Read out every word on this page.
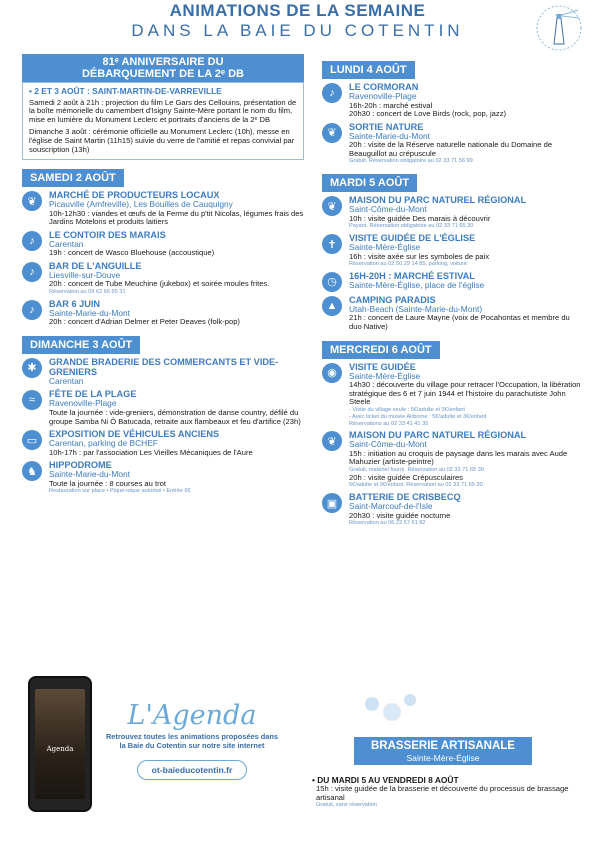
ANIMATIONS DE LA SEMAINE
DANS LA BAIE DU COTENTIN
81ᵉ ANNIVERSAIRE DU
DÉBARQUEMENT DE LA 2ᵉ DB
• 2 ET 3 AOÛT : SAINT-MARTIN-DE-VARREVILLE

Samedi 2 août à 21h : projection du film Le Gars des Cellouins, présentation de la boîte mémorielle du camembert d'Isigny Sainte-Mère portant le nom du film, mise en lumière du Monument Leclerc et portraits d'anciens de la 2ᵉ DB

Dimanche 3 août : cérémonie officielle au Monument Leclerc (10h), messe en l'église de Saint Martin (11h15) suivie du verre de l'amitié et repas convivial par souscription (13h)

SAMEDI 2 AOÛT
❦
MARCHÉ DE PRODUCTEURS LOCAUX
Picauville (Amfreville), Les Bouilles de Cauquigny
10h-12h30 : viandes et œufs de la Ferme du p'tit Nicolas, légumes frais des Jardins Motelons et produits laitiers
♪	LE CONTOIR DES MARAIS
Carentan
19h : concert de Wasco Bluehouse (accoustique)
♪	BAR DE L'ANGUILLE
Liesville-sur-Douve
20h : concert de Tube Meuchine (jukebox) et soirée moules frites.
Réservation au 09 62 66 65 31
♪	BAR 6 JUIN
Sainte-Marie-du-Mont
20h : concert d'Adrian Delmer et Peter Deaves (folk-pop)
DIMANCHE 3 AOÛT
✱
GRANDE BRADERIE DES COMMERCANTS ET VIDE-GRENIERS
Carentan
≈	FÊTE DE LA PLAGE
Ravenoville-Plage
Toute la journée : vide-greniers, démonstration de danse country, défilé du groupe Samba Ni Ô Batucada, retraite aux flambeaux et feu d'artifice (23h)
▭
EXPOSITION DE VÉHICULES ANCIENS
Carentan, parking de BCHEF
10h-17h : par l'association Les Vieilles Mécaniques de l'Aure
♞
HIPPODROME
Sainte-Marie-du-Mont
Toute la journée : 8 courses au trot
Restauration sur place • Pique-nique autorisé • Entrée 6€
LUNDI 4 AOÛT
♪	LE CORMORAN
Ravenoville-Plage
16h-20h : marché estival
20h30 : concert de Love Birds (rock, pop, jazz)
❦
SORTIE NATURE
Sainte-Marie-du-Mont
20h : visite de la Réserve naturelle nationale du Domaine de Beauguillot au crépuscule
Gratuit. Réservation obligatoire au 02 33 71 56 99
MARDI 5 AOÛT
❦
MAISON DU PARC NATUREL RÉGIONAL
Saint-Côme-du-Mont
10h : visite guidée Des marais à découvrir
Payant. Réservation obligatoire au 02 33 71 65 30
✝
VISITE GUIDÉE DE L'ÉGLISE
Sainte-Mère-Église
16h : visite axée sur les symboles de paix
Réservation au 02 50 29 14 85, parking, voiture
◷
16H-20H : MARCHÉ ESTIVAL
Sainte-Mère-Église, place de l'église
▲	CAMPING PARADIS
Utah-Beach (Sainte-Marie-du-Mont)
21h : concert de Laure Mayne (voix de Pocahontas et membre du duo Native)
MERCREDI 6 AOÛT
◉
VISITE GUIDÉE
Sainte-Mère-Église
14h30 : découverte du village pour retracer l'Occupation, la libération stratégique des 6 et 7 juin 1944 et l'histoire du parachutiste John Steele
- Visite du village seule : 5€/adulte et 3€/enfant
- Avec ticket du musée Airborne : 5€/adulte et 3€/enfant
Réservations au 02 33 41 41 35
❦
MAISON DU PARC NATUREL RÉGIONAL
Saint-Côme-du-Mont
15h : initiation au croquis de paysage dans les marais avec Aude Mahuzier (artiste-peintre)
Gratuit, matériel fourni. Réservation au 02 33 71 65 30
20h : visite guidée Crépusculaires
5€/adulte et 3€/enfant. Réservation au 02 33 71 65 30
▣
BATTERIE DE CRISBECQ
Saint-Marcouf-de-l'Isle
20h30 : visite guidée nocturne
Réservation au 06 22 57 61 82
Agenda
L'Agenda
Retrouvez toutes les animations proposées dans la Baie du Cotentin sur notre site internet
ot-baieducotentin.fr
BRASSERIE ARTISANALE
Sainte-Mère-Église
• DU MARDI 5 AU VENDREDI 8 AOÛT
15h : visite guidée de la brasserie et découverte du processus de brassage artisanal
Gratuit, sans réservation
